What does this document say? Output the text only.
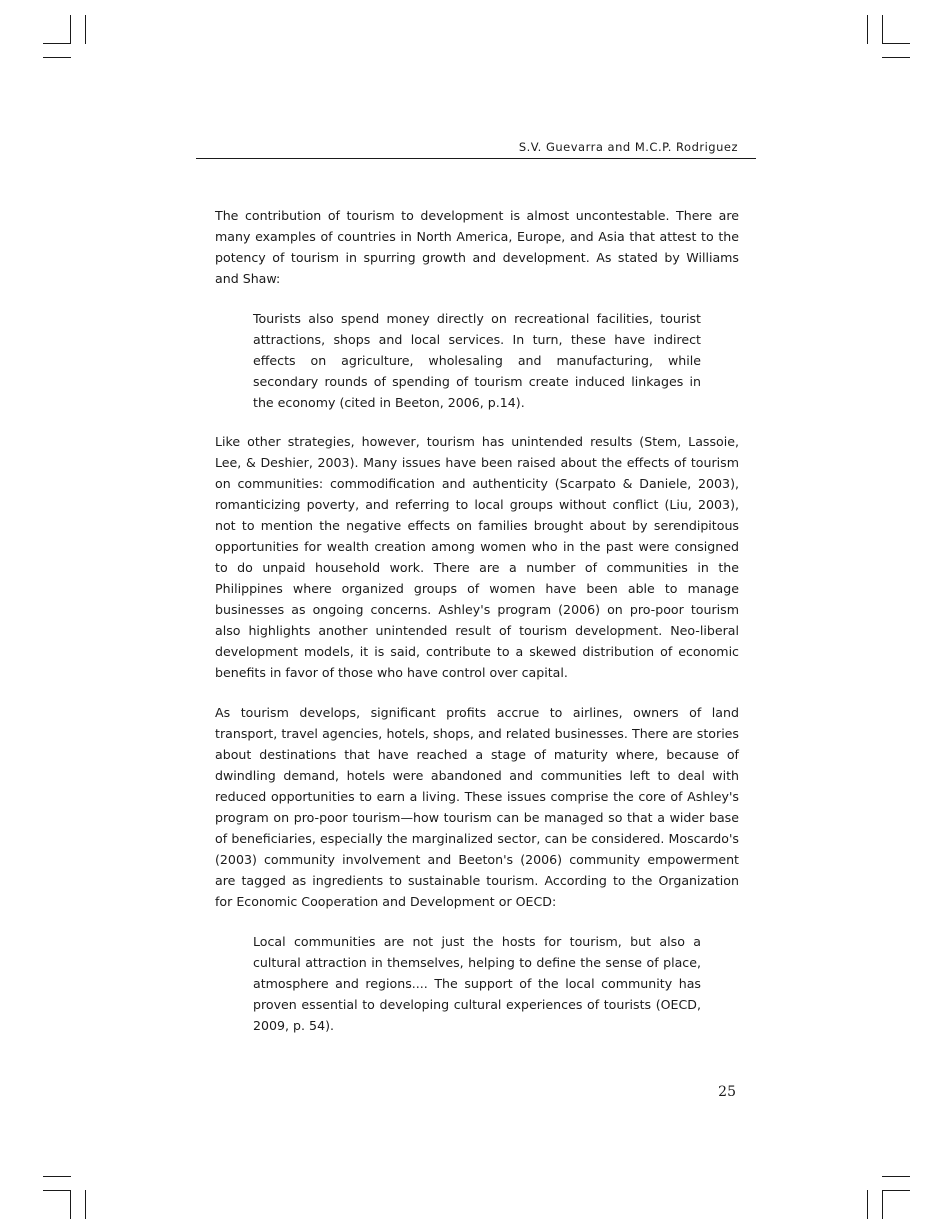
S.V. Guevarra and M.C.P. Rodriguez

The contribution of tourism to development is almost uncontestable. There are many examples of countries in North America, Europe, and Asia that attest to the potency of tourism in spurring growth and development. As stated by Williams and Shaw:

Tourists also spend money directly on recreational facilities, tourist attractions, shops and local services. In turn, these have indirect effects on agriculture, wholesaling and manufacturing, while secondary rounds of spending of tourism create induced linkages in the economy (cited in Beeton, 2006, p.14).

Like other strategies, however, tourism has unintended results (Stem, Lassoie, Lee, & Deshier, 2003). Many issues have been raised about the effects of tourism on communities: commodification and authenticity (Scarpato & Daniele, 2003), romanticizing poverty, and referring to local groups without conflict (Liu, 2003), not to mention the negative effects on families brought about by serendipitous opportunities for wealth creation among women who in the past were consigned to do unpaid household work. There are a number of communities in the Philippines where organized groups of women have been able to manage businesses as ongoing concerns. Ashley's program (2006) on pro-poor tourism also highlights another unintended result of tourism development. Neo-liberal development models, it is said, contribute to a skewed distribution of economic benefits in favor of those who have control over capital.

As tourism develops, significant profits accrue to airlines, owners of land transport, travel agencies, hotels, shops, and related businesses. There are stories about destinations that have reached a stage of maturity where, because of dwindling demand, hotels were abandoned and communities left to deal with reduced opportunities to earn a living. These issues comprise the core of Ashley's program on pro-poor tourism—how tourism can be managed so that a wider base of beneficiaries, especially the marginalized sector, can be considered. Moscardo's (2003) community involvement and Beeton's (2006) community empowerment are tagged as ingredients to sustainable tourism. According to the Organization for Economic Cooperation and Development or OECD:

Local communities are not just the hosts for tourism, but also a cultural attraction in themselves, helping to define the sense of place, atmosphere and regions.... The support of the local community has proven essential to developing cultural experiences of tourists (OECD, 2009, p. 54).

25
